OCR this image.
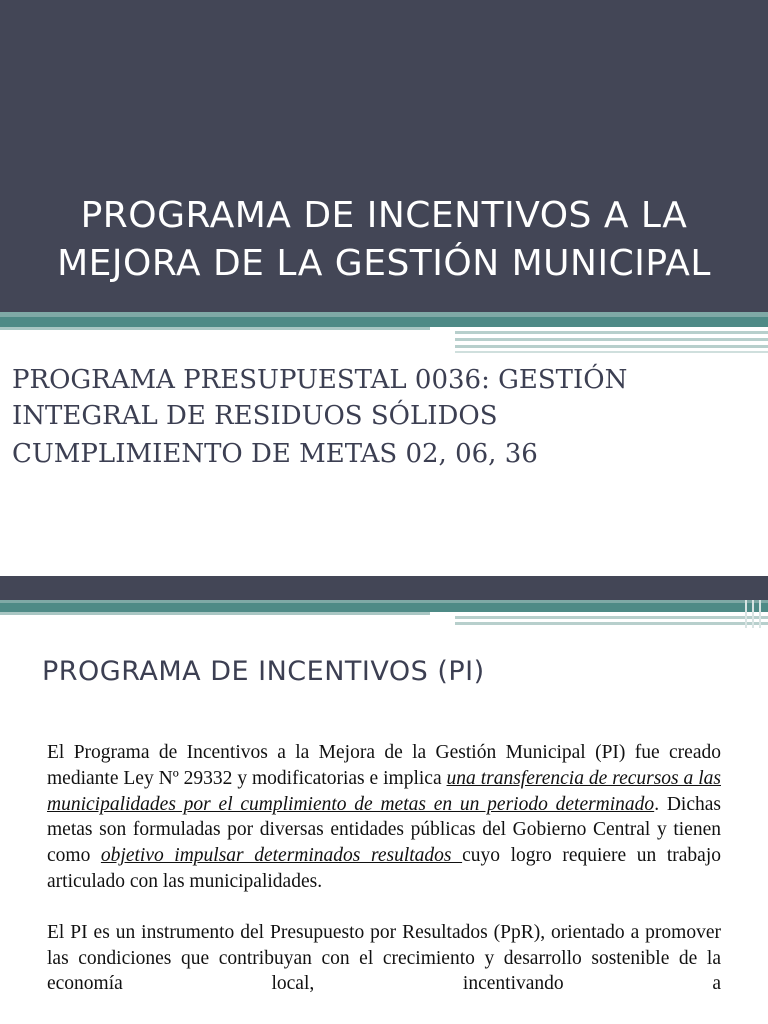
PROGRAMA DE INCENTIVOS A LA
MEJORA DE LA GESTIÓN MUNICIPAL
PROGRAMA PRESUPUESTAL 0036: GESTIÓN
INTEGRAL DE RESIDUOS SÓLIDOS
CUMPLIMIENTO DE METAS 02, 06, 36
PROGRAMA DE INCENTIVOS (PI)

El Programa de Incentivos a la Mejora de la Gestión Municipal (PI) fue creado mediante Ley Nº 29332 y modificatorias e implica una transferencia de recursos a las municipalidades por el cumplimiento de metas en un periodo determinado. Dichas metas son formuladas por diversas entidades públicas del Gobierno Central y tienen como objetivo impulsar determinados resultados cuyo logro requiere un trabajo articulado con las municipalidades.

El PI es un instrumento del Presupuesto por Resultados (PpR), orientado a promover las condiciones que contribuyan con el crecimiento y desarrollo sostenible de la economía local, incentivando a
